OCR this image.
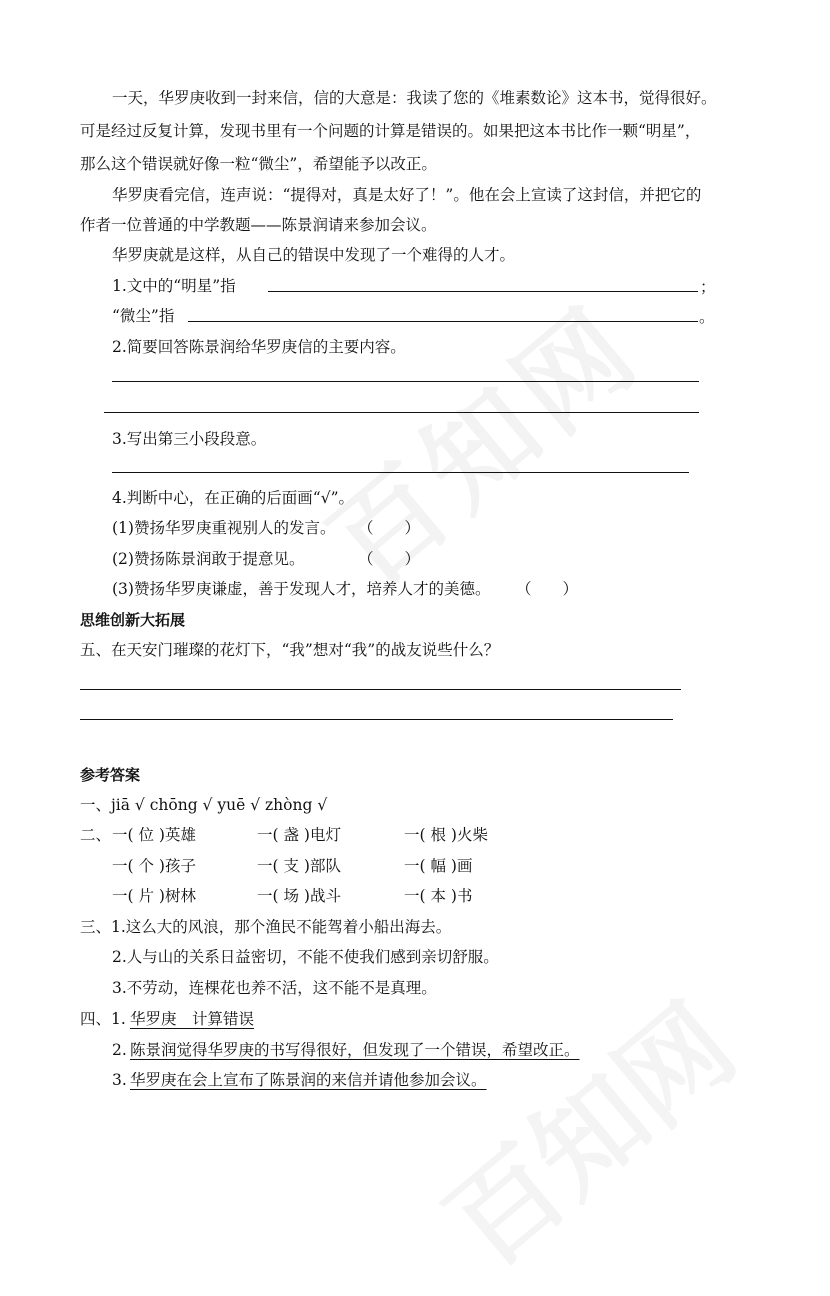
一天，华罗庚收到一封来信，信的大意是：我读了您的《堆素数论》这本书，觉得很好。
可是经过反复计算，发现书里有一个问题的计算是错误的。如果把这本书比作一颗“明星”，
那么这个错误就好像一粒“微尘”，希望能予以改正。
华罗庚看完信，连声说：“提得对，真是太好了！”。他在会上宣读了这封信，并把它的
作者一位普通的中学教题——陈景润请来参加会议。
华罗庚就是这样，从自己的错误中发现了一个难得的人才。
1.文中的“明星”指	；
“微尘”指	。
2.简要回答陈景润给华罗庚信的主要内容。
3.写出第三小段段意。
4.判断中心，在正确的后面画“√”。
(1)赞扬华罗庚重视别人的发言。 （　　）
(2)赞扬陈景润敢于提意见。	（　　）
(3)赞扬华罗庚谦虚，善于发现人才，培养人才的美德。 （　　）
思维创新大拓展
五、在天安门璀璨的花灯下，“我”想对“我”的战友说些什么？
参考答案
一、jiā √ chōng √ yuē √ zhòng √
二、 一( 位 )英雄	一( 盏 )电灯	一( 根 )火柴
一( 个 )孩子	一( 支 )部队	一( 幅 )画
一( 片 )树林	一( 场 )战斗	一( 本 )书
三、1.这么大的风浪，那个渔民不能驾着小船出海去。
2.人与山的关系日益密切，不能不使我们感到亲切舒服。
3.不劳动，连棵花也养不活，这不能不是真理。
四、1. 华罗庚　计算错误
2. 陈景润觉得华罗庚的书写得很好，但发现了一个错误，希望改正。
3. 华罗庚在会上宣布了陈景润的来信并请他参加会议。
